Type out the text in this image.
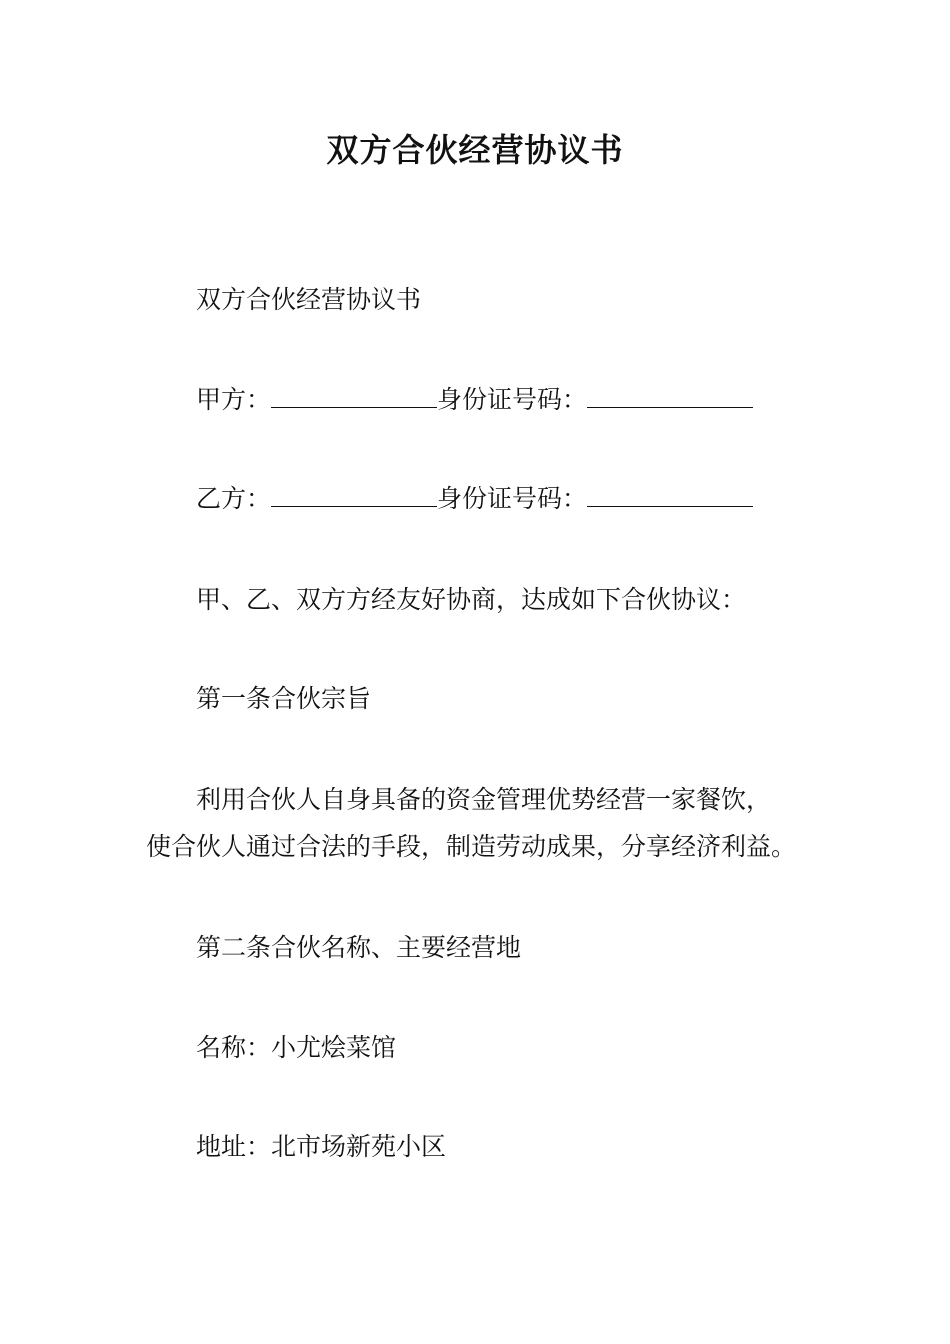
双方合伙经营协议书
双方合伙经营协议书
甲方：	身份证号码：
乙方：	身份证号码：
甲、乙、双方方经友好协商，达成如下合伙协议：
第一条合伙宗旨
利用合伙人自身具备的资金管理优势经营一家餐饮，
使合伙人通过合法的手段，制造劳动成果，分享经济利益。
第二条合伙名称、主要经营地
名称：小尤烩菜馆
地址：北市场新苑小区
